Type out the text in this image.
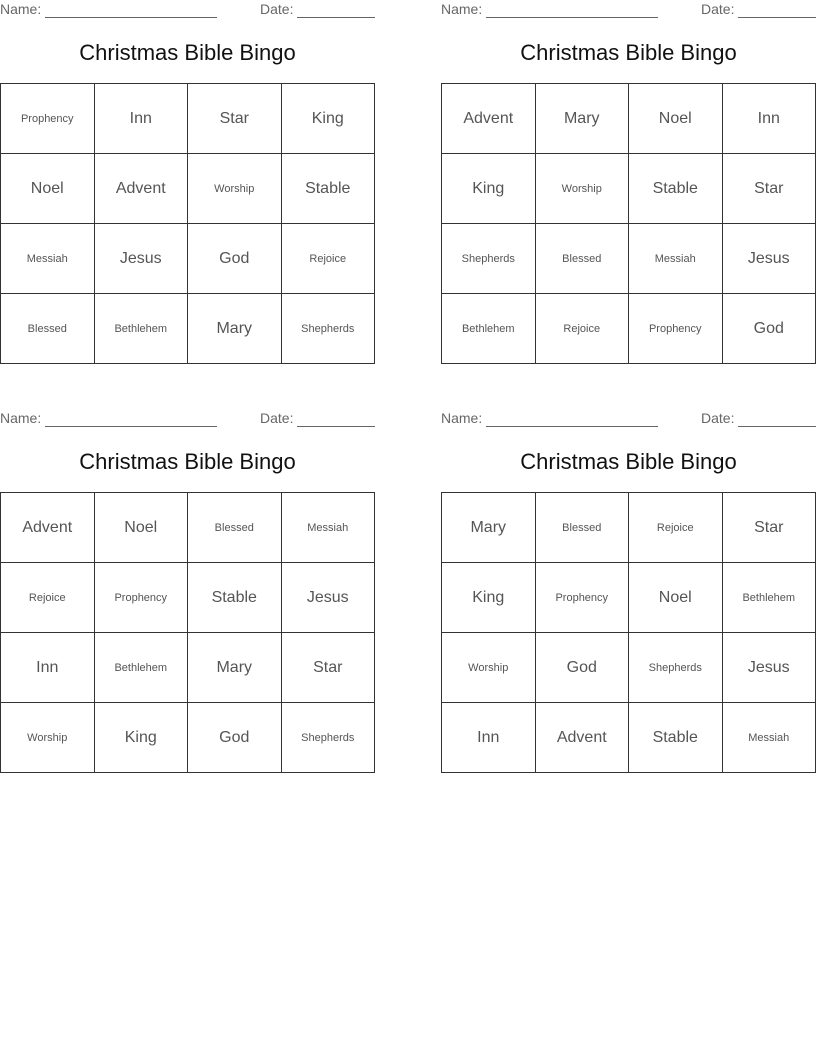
Name:	Date:
Christmas Bible Bingo
Prophency	Inn	Star	King
Noel	Advent	Worship	Stable
Messiah	Jesus	God	Rejoice
Blessed	Bethlehem	Mary	Shepherds
Name:	Date:
Christmas Bible Bingo
Advent	Mary	Noel	Inn
King	Worship	Stable	Star
Shepherds	Blessed	Messiah	Jesus
Bethlehem	Rejoice	Prophency	God
Name:	Date:
Christmas Bible Bingo
Advent	Noel	Blessed	Messiah
Rejoice	Prophency	Stable	Jesus
Inn	Bethlehem	Mary	Star
Worship	King	God	Shepherds
Name:	Date:
Christmas Bible Bingo
Mary	Blessed	Rejoice	Star
King	Prophency	Noel	Bethlehem
Worship	God	Shepherds	Jesus
Inn	Advent	Stable	Messiah
